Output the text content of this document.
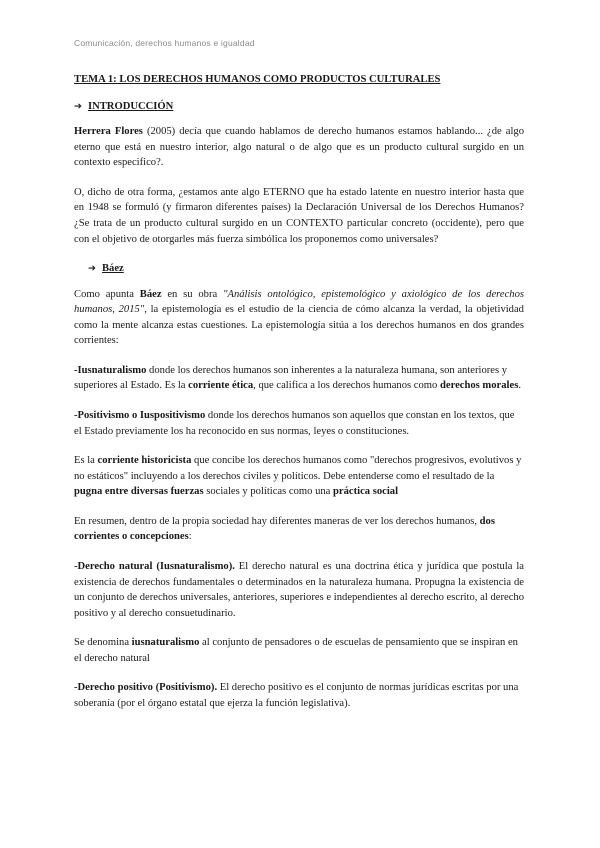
Comunicación, derechos humanos e igualdad
TEMA 1: LOS DERECHOS HUMANOS COMO PRODUCTOS CULTURALES
➔ INTRODUCCIÓN

Herrera Flores (2005) decía que cuando hablamos de derecho humanos estamos hablando... ¿de algo eterno que está en nuestro interior, algo natural o de algo que es un producto cultural surgido en un contexto especifico?.

O, dicho de otra forma, ¿estamos ante algo ETERNO que ha estado latente en nuestro interior hasta que en 1948 se formuló (y firmaron diferentes países) la Declaración Universal de los Derechos Humanos? ¿Se trata de un producto cultural surgido en un CONTEXTO particular concreto (occidente), pero que con el objetivo de otorgarles más fuerza simbólica los proponemos como universales?

➔ Báez

Como apunta Báez en su obra "Análisis ontológico, epistemológico y axiológico de los derechos humanos, 2015", la epistemología es el estudio de la ciencia de cómo alcanza la verdad, la objetividad como la mente alcanza estas cuestiones. La epistemología sitúa a los derechos humanos en dos grandes corrientes:

-Iusnaturalismo donde los derechos humanos son inherentes a la naturaleza humana, son anteriores y superiores al Estado. Es la corriente ética, que califica a los derechos humanos como derechos morales.

-Positivismo o Iuspositivismo donde los derechos humanos son aquellos que constan en los textos, que el Estado previamente los ha reconocido en sus normas, leyes o constituciones.

Es la corriente historicista que concibe los derechos humanos como "derechos progresivos, evolutivos y no estáticos" incluyendo a los derechos civiles y políticos. Debe entenderse como el resultado de la pugna entre diversas fuerzas sociales y políticas como una práctica social

En resumen, dentro de la propia sociedad hay diferentes maneras de ver los derechos humanos, dos corrientes o concepciones:

-Derecho natural (Iusnaturalismo). El derecho natural es una doctrina ética y jurídica que postula la existencia de derechos fundamentales o determinados en la naturaleza humana. Propugna la existencia de un conjunto de derechos universales, anteriores, superiores e independientes al derecho escrito, al derecho positivo y al derecho consuetudinario.

Se denomina iusnaturalismo al conjunto de pensadores o de escuelas de pensamiento que se inspiran en el derecho natural

-Derecho positivo (Positivismo). El derecho positivo es el conjunto de normas jurídicas escritas por una soberanía (por el órgano estatal que ejerza la función legislativa).
